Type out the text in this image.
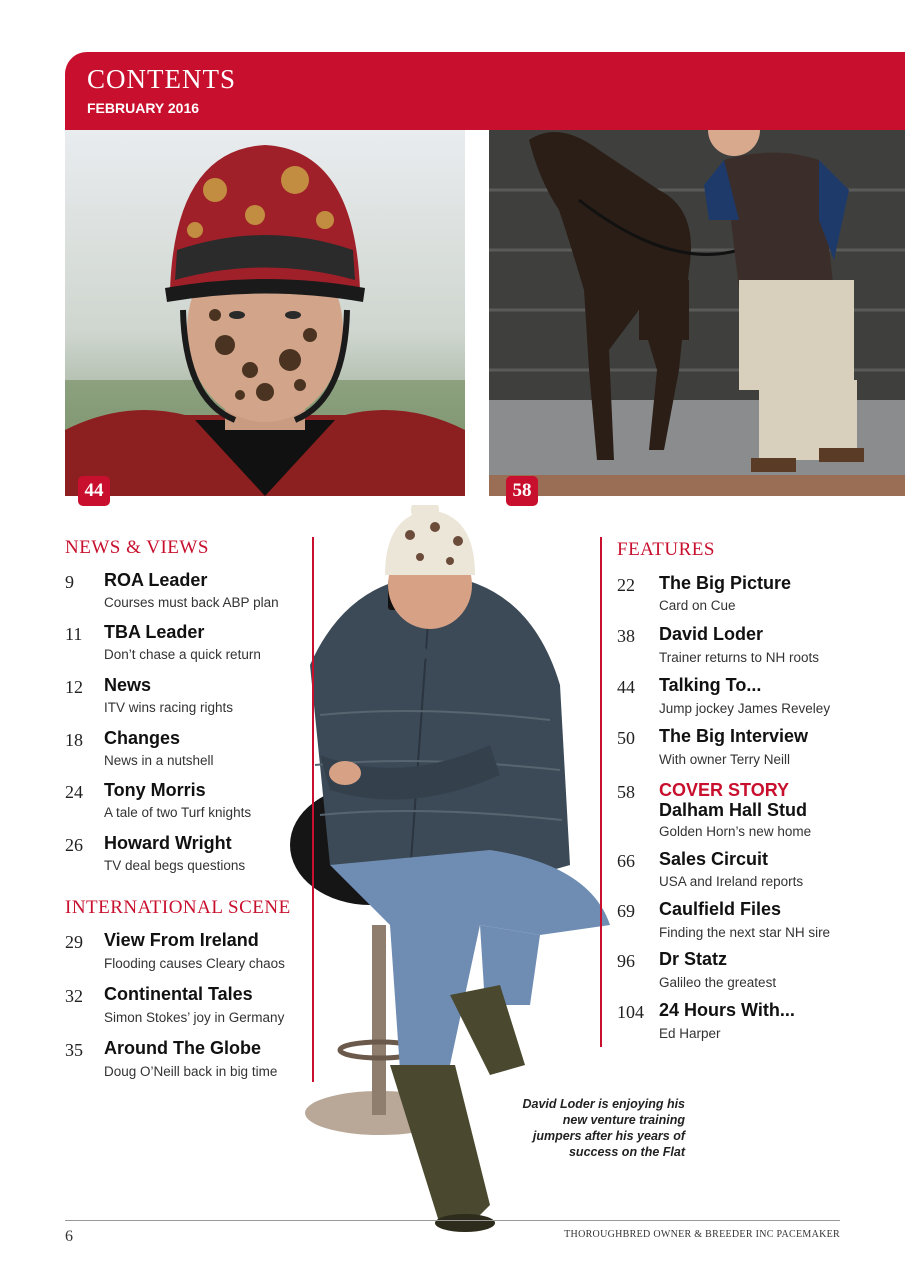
CONTENTS
FEBRUARY 2016
44	58
NEWS & VIEWS
9 ROA Leader
Courses must back ABP plan
11 TBA Leader
Don’t chase a quick return
12 News
ITV wins racing rights
18 Changes
News in a nutshell
24 Tony Morris
A tale of two Turf knights
26 Howard Wright
TV deal begs questions
INTERNATIONAL SCENE
29 View From Ireland
Flooding causes Cleary chaos
32 Continental Tales
Simon Stokes’ joy in Germany
35 Around The Globe
Doug O’Neill back in big time
FEATURES
22 The Big Picture
Card on Cue
38 David Loder
Trainer returns to NH roots
44 Talking To...
Jump jockey James Reveley
50 The Big Interview
With owner Terry Neill
58 COVER STORY
Dalham Hall Stud
Golden Horn’s new home
66 Sales Circuit
USA and Ireland reports
69 Caulfield Files
Finding the next star NH sire
96 Dr Statz
Galileo the greatest
104 24 Hours With...
Ed Harper
David Loder is enjoying his new venture training jumpers after his years of success on the Flat
6	THOROUGHBRED OWNER & BREEDER INC PACEMAKER
